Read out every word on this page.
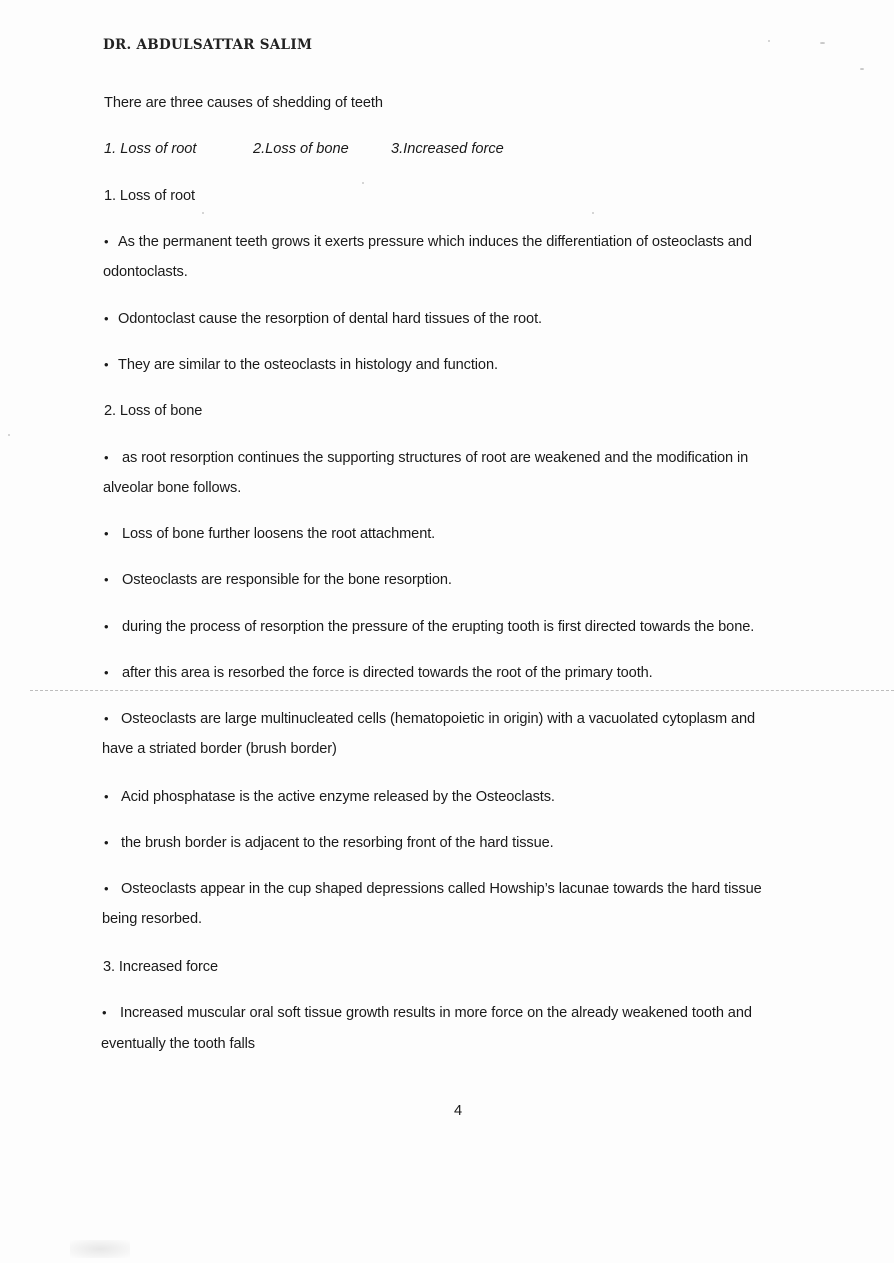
DR. ABDULSATTAR SALIM
There are three causes of shedding of teeth
1. Loss of root	2.Loss of bone	3.Increased force
1. Loss of root
• As the permanent teeth grows it exerts pressure which induces the differentiation of osteoclasts and
odontoclasts.
• Odontoclast cause the resorption of dental hard tissues of the root.
• They are similar to the osteoclasts in histology and function.
2. Loss of bone
• as root resorption continues the supporting structures of root are weakened and the modification in
alveolar bone follows.
• Loss of bone further loosens the root attachment.
• Osteoclasts are responsible for the bone resorption.
• during the process of resorption the pressure of the erupting tooth is first directed towards the bone.
• after this area is resorbed the force is directed towards the root of the primary tooth.
• Osteoclasts are large multinucleated cells (hematopoietic in origin) with a vacuolated cytoplasm and
have a striated border (brush border)
• Acid phosphatase is the active enzyme released by the Osteoclasts.
• the brush border is adjacent to the resorbing front of the hard tissue.
• Osteoclasts appear in the cup shaped depressions called Howship’s lacunae towards the hard tissue
being resorbed.
3. Increased force
• Increased muscular oral soft tissue growth results in more force on the already weakened tooth and
eventually the tooth falls
4
